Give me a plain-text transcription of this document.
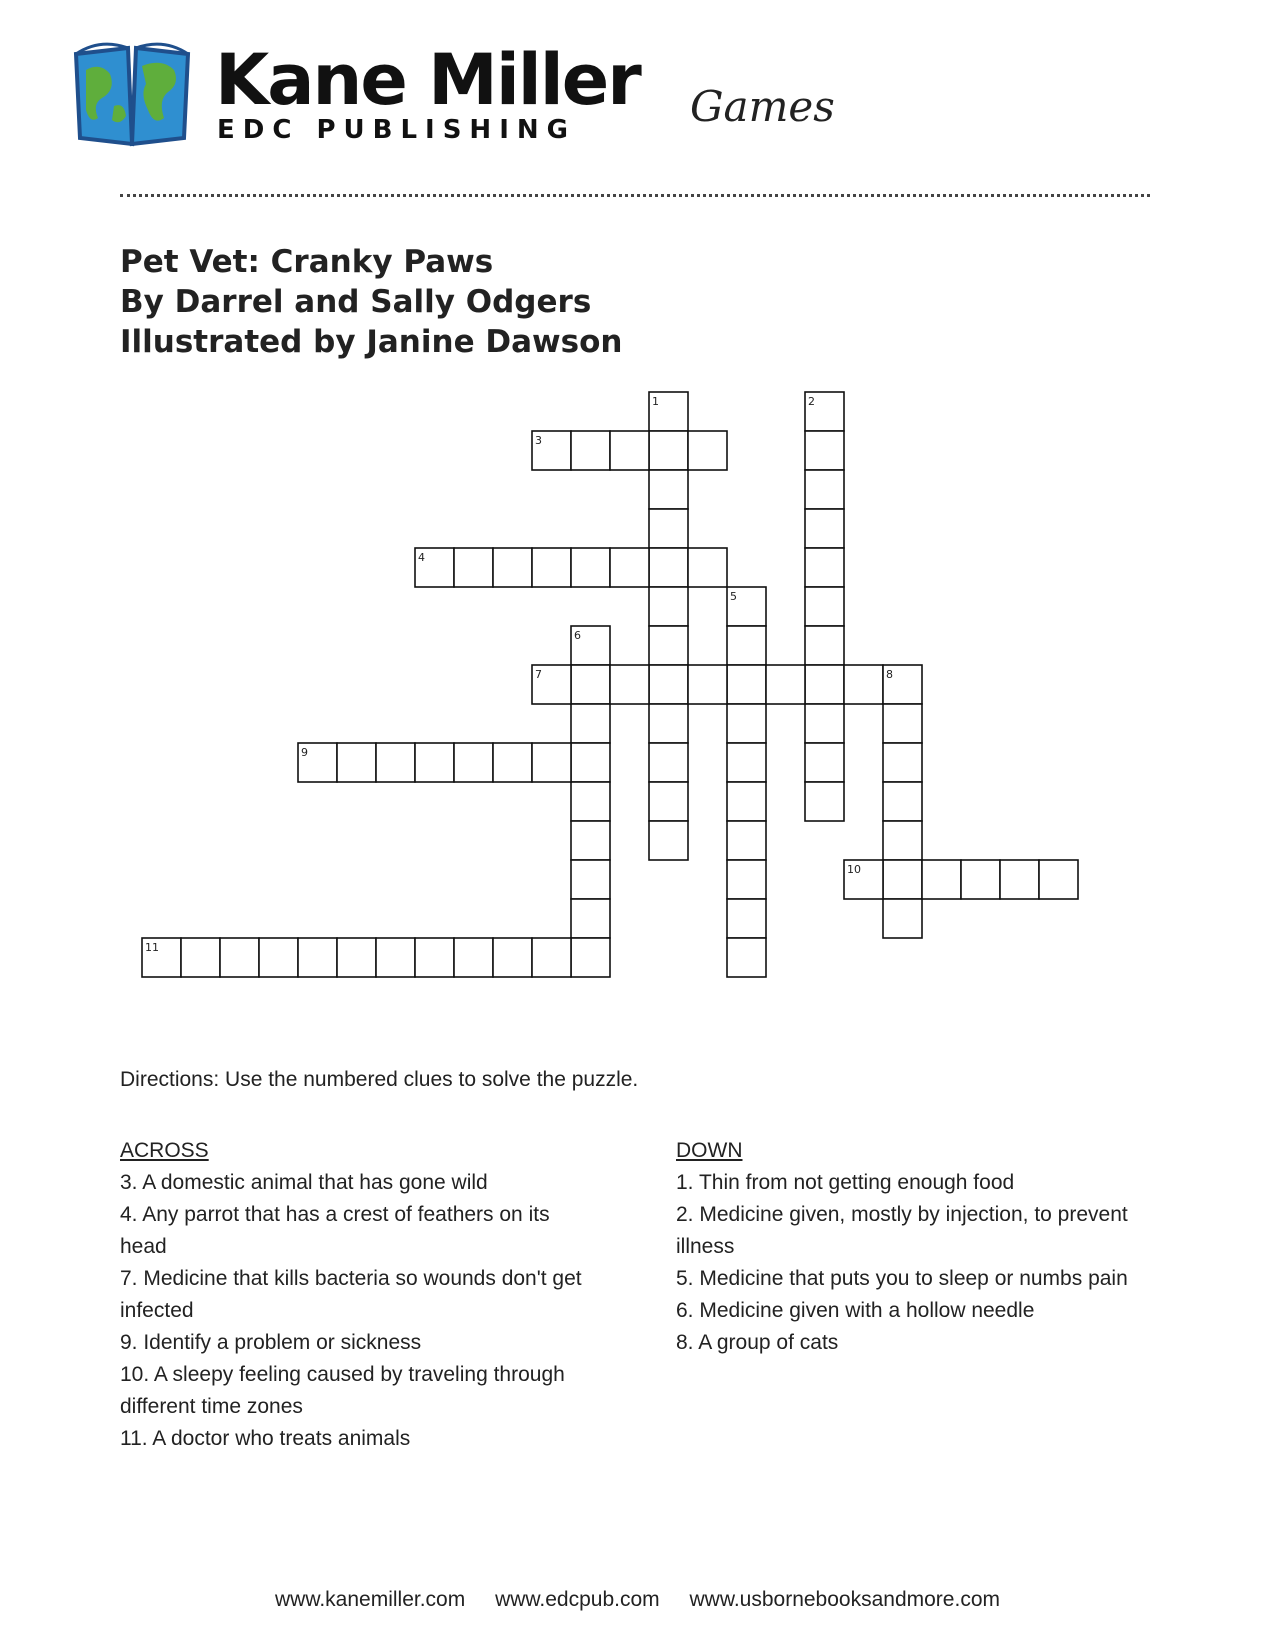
Kane Miller
EDC PUBLISHING	Games
Pet Vet: Cranky Paws
By Darrel and Sally Odgers
Illustrated by Janine Dawson
1	2
3
4
5
6
7	8
9
10
11
Directions: Use the numbered clues to solve the puzzle.
ACROSS

3. A domestic animal that has gone wild

4. Any parrot that has a crest of feathers on its head

7. Medicine that kills bacteria so wounds don't get infected

9. Identify a problem or sickness

10. A sleepy feeling caused by traveling through different time zones

11. A doctor who treats animals

DOWN

1. Thin from not getting enough food

2. Medicine given, mostly by injection, to prevent illness

5. Medicine that puts you to sleep or numbs pain

6. Medicine given with a hollow needle

8. A group of cats

www.kanemiller.com www.edcpub.com www.usbornebooksandmore.com
